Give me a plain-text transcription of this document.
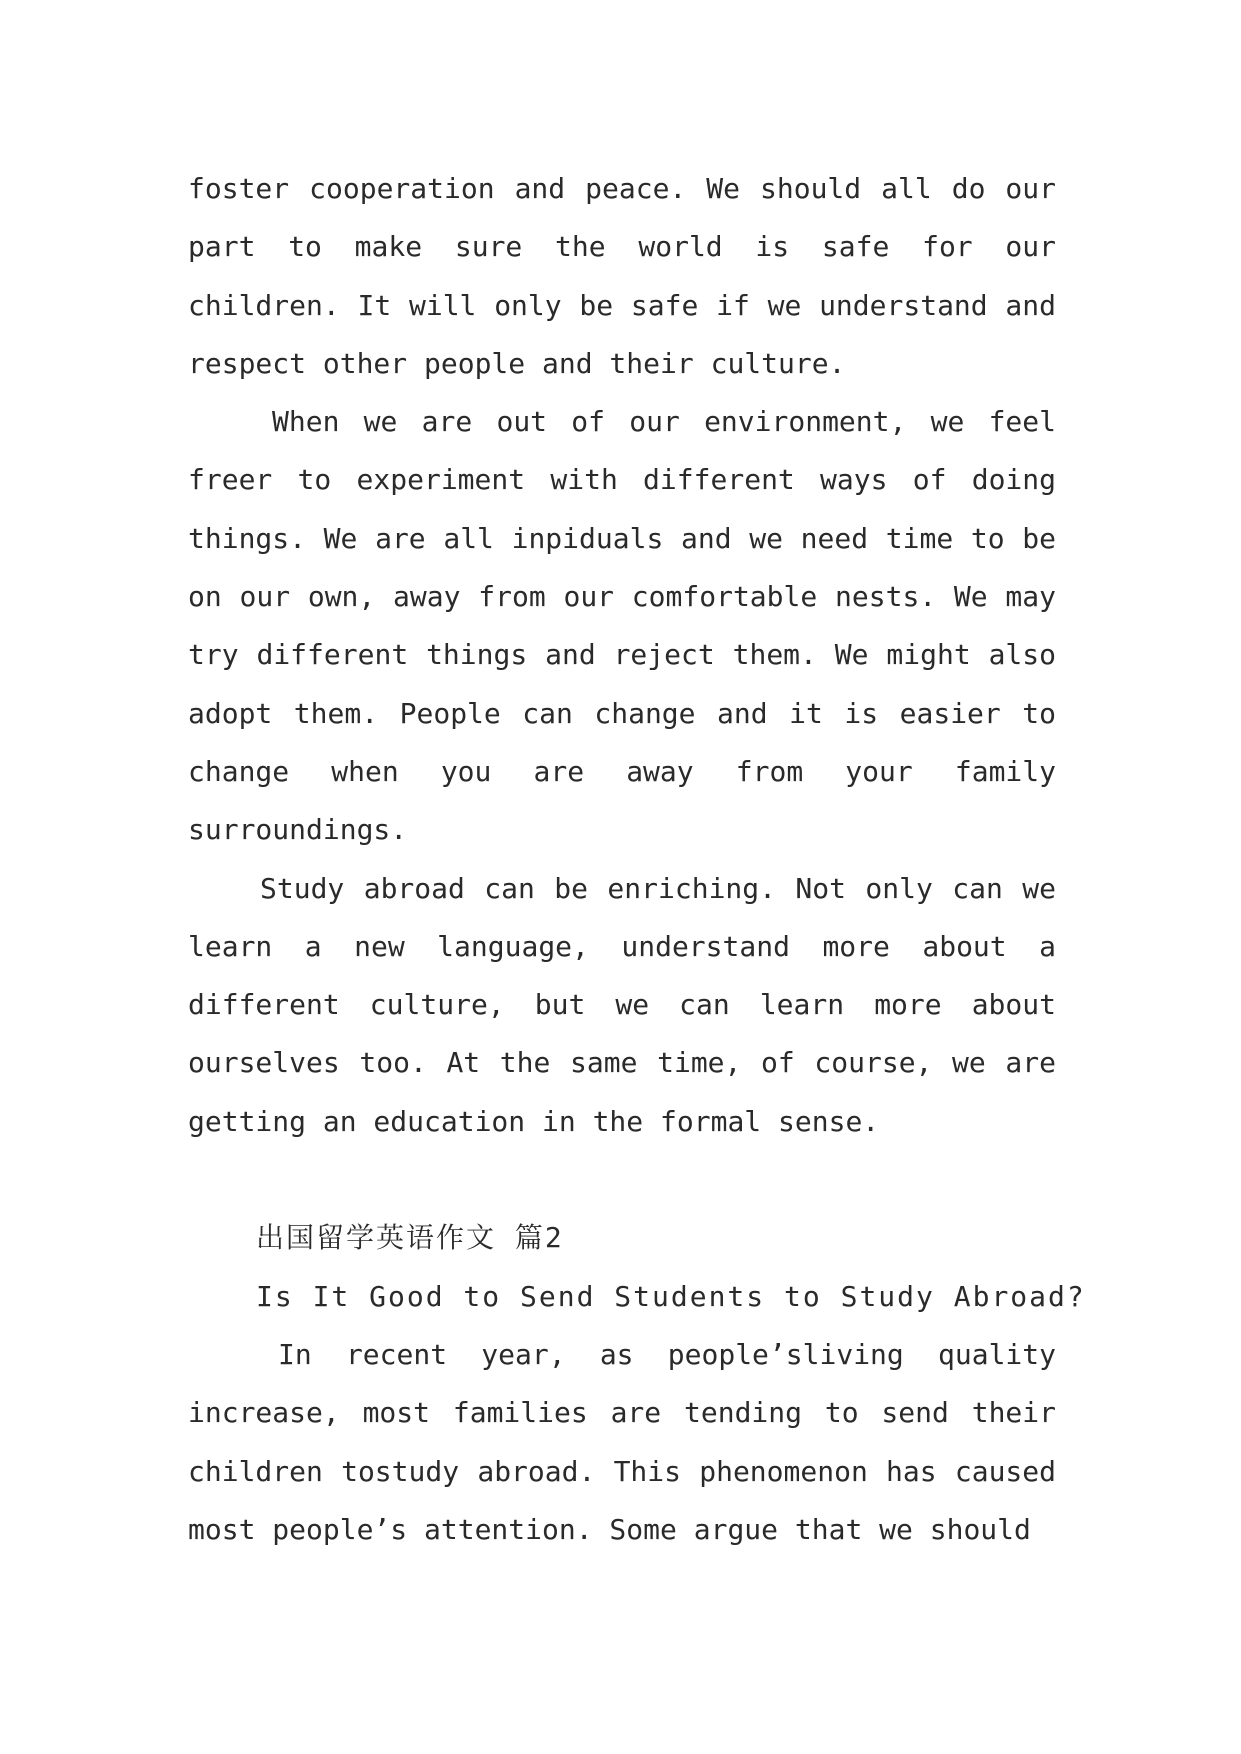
foster cooperation and peace. We should all do our part to make sure the world is safe for our children. It will only be safe if we understand and respect other people and their culture.

When we are out of our environment, we feel freer to experiment with different ways of doing things. We are all inpiduals and we need time to be on our own, away from our comfortable nests. We may try different things and reject them. We might also adopt them. People can change and it is easier to change when you are away from your family surroundings.

Study abroad can be enriching. Not only can we learn a new language, understand more about a different culture, but we can learn more about ourselves too. At the same time, of course, we are getting an education in the formal sense.

出国留学英语作文 篇2

Is It Good to Send Students to Study Abroad?

In recent year, as people’sliving quality increase, most families are tending to send their children tostudy abroad. This phenomenon has caused most people’s attention. Some argue that we should
